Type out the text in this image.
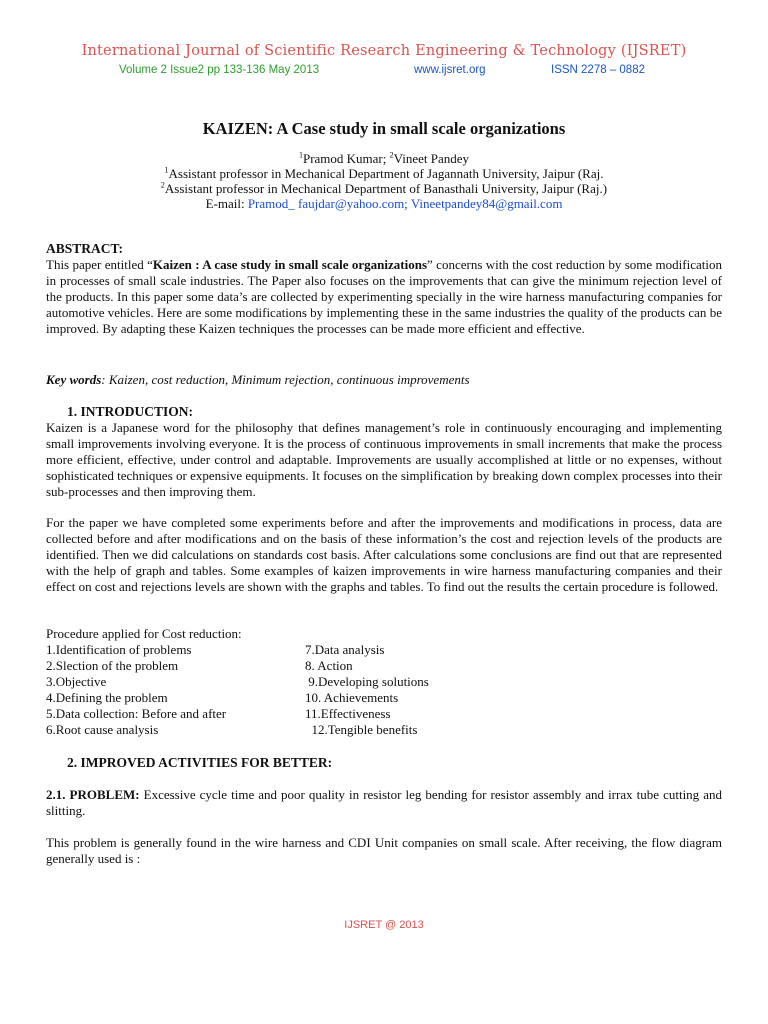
International Journal of Scientific Research Engineering & Technology (IJSRET)
Volume 2 Issue2 pp 133-136 May 2013	www.ijsret.org	ISSN 2278 – 0882
KAIZEN: A Case study in small scale organizations
$^1$Pramod Kumar; $^2$Vineet Pandey
$^1$Assistant professor in Mechanical Department of Jagannath University, Jaipur (Raj.
$^2$Assistant professor in Mechanical Department of Banasthali University, Jaipur (Raj.)
E-mail: Pramod_ faujdar@yahoo.com; Vineetpandey84@gmail.com
ABSTRACT:

This paper entitled “Kaizen : A case study in small scale organizations” concerns with the cost reduction by some modification in processes of small scale industries. The Paper also focuses on the improvements that can give the minimum rejection level of the products. In this paper some data’s are collected by experimenting specially in the wire harness manufacturing companies for automotive vehicles. Here are some modifications by implementing these in the same industries the quality of the products can be improved. By adapting these Kaizen techniques the processes can be made more efficient and effective.

Key words: Kaizen, cost reduction, Minimum rejection, continuous improvements
1. INTRODUCTION:

Kaizen is a Japanese word for the philosophy that defines management’s role in continuously encouraging and implementing small improvements involving everyone. It is the process of continuous improvements in small increments that make the process more efficient, effective, under control and adaptable. Improvements are usually accomplished at little or no expenses, without sophisticated techniques or expensive equipments. It focuses on the simplification by breaking down complex processes into their sub-processes and then improving them.

For the paper we have completed some experiments before and after the improvements and modifications in process, data are collected before and after modifications and on the basis of these information’s the cost and rejection levels of the products are identified. Then we did calculations on standards cost basis. After calculations some conclusions are find out that are represented with the help of graph and tables. Some examples of kaizen improvements in wire harness manufacturing companies and their effect on cost and rejections levels are shown with the graphs and tables. To find out the results the certain procedure is followed.

Procedure applied for Cost reduction:
1.Identification of problems
2.Slection of the problem
3.Objective
4.Defining the problem
5.Data collection: Before and after
6.Root cause analysis
7.Data analysis
8. Action
9.Developing solutions
10. Achievements
11.Effectiveness
12.Tengible benefits
2. IMPROVED ACTIVITIES FOR BETTER:

2.1. PROBLEM: Excessive cycle time and poor quality in resistor leg bending for resistor assembly and irrax tube cutting and slitting.

This problem is generally found in the wire harness and CDI Unit companies on small scale. After receiving, the flow diagram generally used is :

IJSRET @ 2013
